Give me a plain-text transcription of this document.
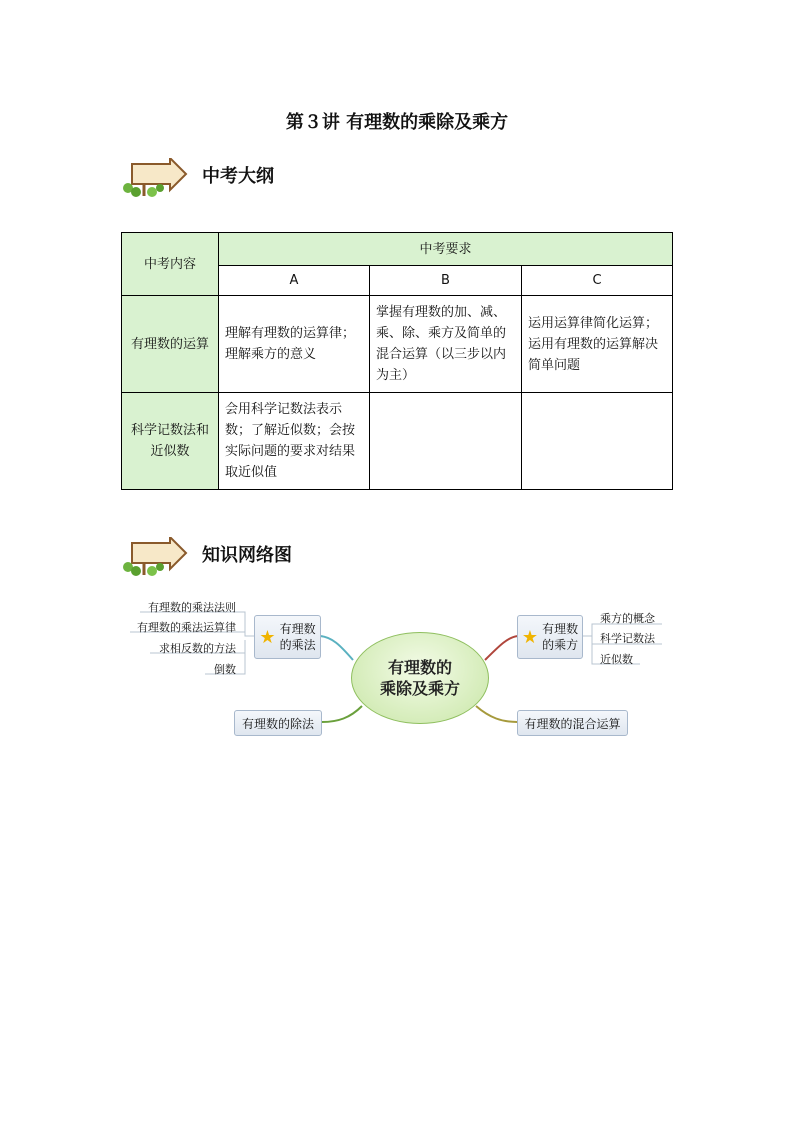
第３讲 有理数的乘除及乘方
中考大纲
中考内容	中考要求		
	A	B	C
有理数的运算	理解有理数的运算律；理解乘方的意义	掌握有理数的加、减、乘、除、乘方及简单的混合运算（以三步以内为主）	运用运算律简化运算；运用有理数的运算解决简单问题
科学记数法和近似数	会用科学记数法表示数；了解近似数；会按实际问题的要求对结果取近似值		
知识网络图
有理数的乘法法则
有理数的乘法运算律
求相反数的方法
倒数
★ 有理数
的乘法
有理数的
乘除及乘方
★ 有理数
的乘方
乘方的概念
科学记数法
近似数
有理数的除法	有理数的混合运算
